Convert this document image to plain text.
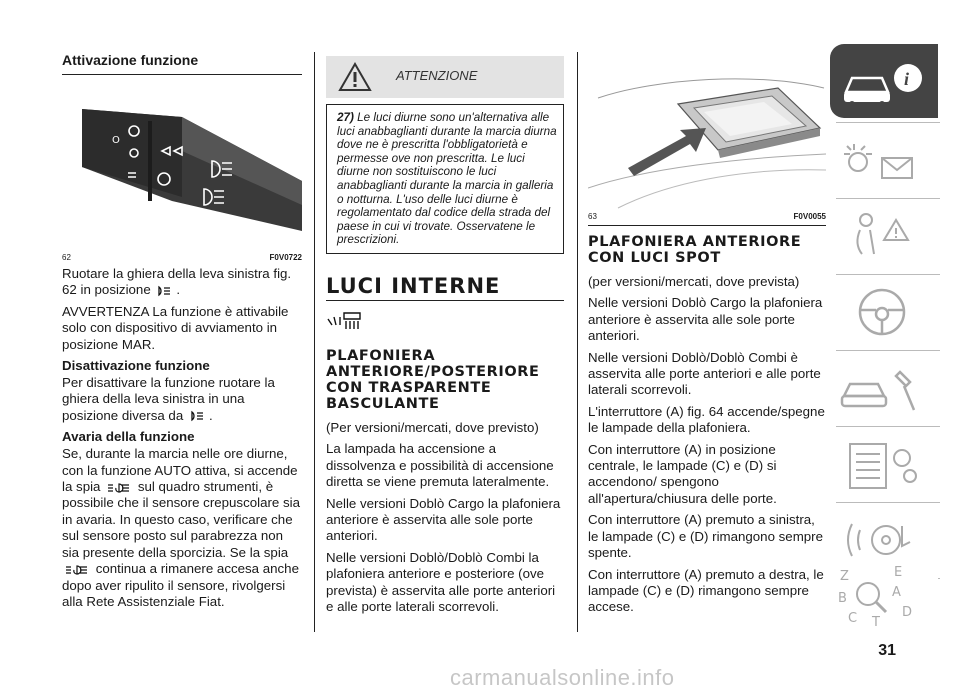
Attivazione funzione
O
62	F0V0722

Ruotare la ghiera della leva sinistra fig. 62 in posizione .

AVVERTENZA La funzione è attivabile solo con dispositivo di avviamento in posizione MAR.

Disattivazione funzione

Per disattivare la funzione ruotare la ghiera della leva sinistra in una posizione diversa da .

Avaria della funzione

Se, durante la marcia nelle ore diurne, con la funzione AUTO attiva, si accende la spia	sul quadro strumenti, è possibile che il sensore crepuscolare sia in avaria. In questo caso, verificare che sul sensore posto sul parabrezza non sia presente della sporcizia. Se la spia  continua a rimanere accesa anche dopo aver ripulito il sensore, rivolgersi alla Rete Assistenziale Fiat.

ATTENZIONE
27) Le luci diurne sono un'alternativa alle luci anabbaglianti durante la marcia diurna dove ne è prescritta l'obbligatorietà e permesse ove non prescritta. Le luci diurne non sostituiscono le luci anabbaglianti durante la marcia in galleria o notturna. L'uso delle luci diurne è regolamentato dal codice della strada del paese in cui vi trovate. Osservatene le prescrizioni.
LUCI INTERNE
PLAFONIERA ANTERIORE/POSTERIORE CON TRASPARENTE BASCULANTE

(Per versioni/mercati, dove previsto)

La lampada ha accensione a dissolvenza e possibilità di accensione diretta se viene premuta lateralmente.

Nelle versioni Doblò Cargo la plafoniera anteriore è asservita alle sole porte anteriori.

Nelle versioni Doblò/Doblò Combi la plafoniera anteriore e posteriore (ove prevista) è asservita alle porte anteriori e alle porte laterali scorrevoli.

63	F0V0055
PLAFONIERA ANTERIORE CON LUCI SPOT

(per versioni/mercati, dove prevista)

Nelle versioni Doblò Cargo la plafoniera anteriore è asservita alle sole porte anteriori.

Nelle versioni Doblò/Doblò Combi è asservita alle porte anteriori e alle porte laterali scorrevoli.

L'interruttore (A) fig. 64 accende/spegne le lampade della plafoniera.

Con interruttore (A) in posizione centrale, le lampade (C) e (D) si accendono/ spengono all'apertura/chiusura delle porte.

Con interruttore (A) premuto a sinistra, le lampade (C) e (D) rimangono sempre spente.

Con interruttore (A) premuto a destra, le lampade (C) e (D) rimangono sempre accese.

i
Z	E
A
B
C T
D
31
carmanualsonline.info
